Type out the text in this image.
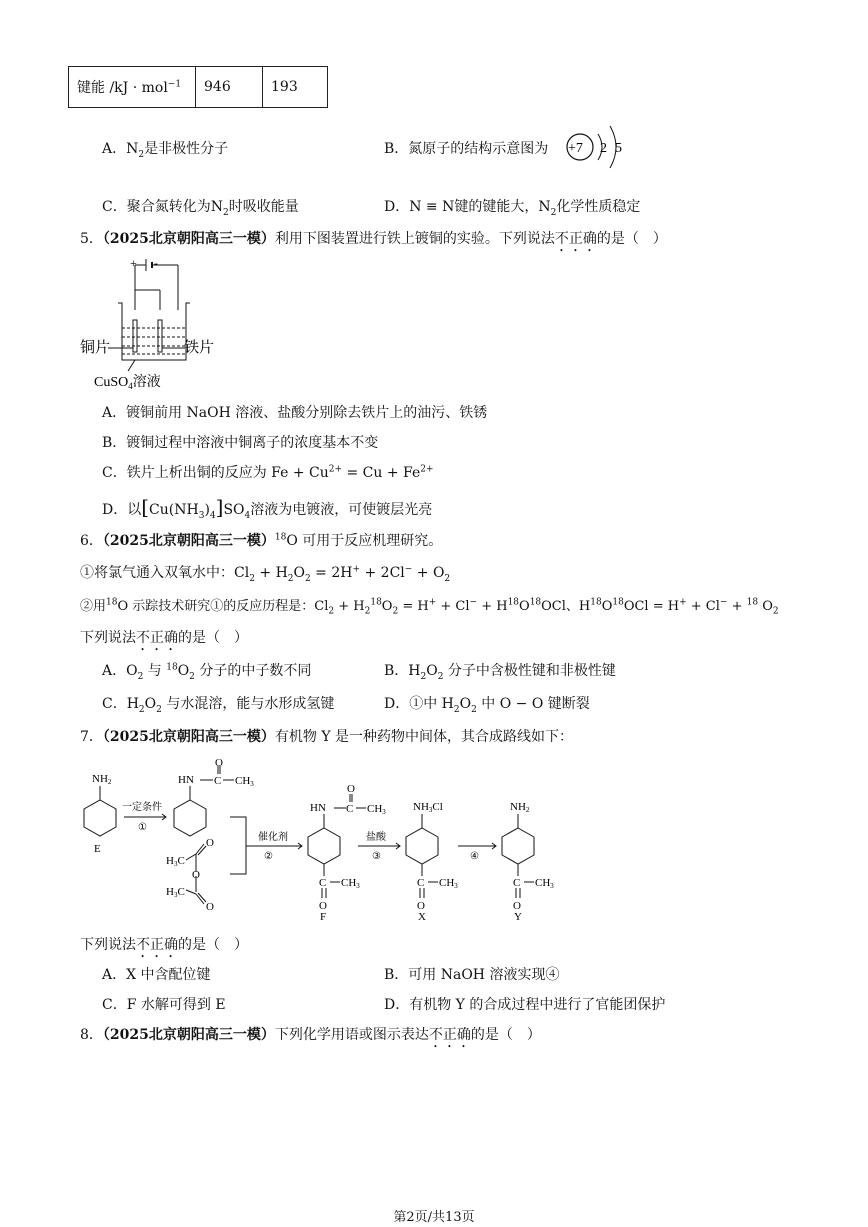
键能 /kJ · mol$^{-1}$	946	193
A．$N_2$是非极性分子	B．氮原子的结构示意图为 +7 2 5
C．聚合氮转化为$N_2$时吸收能量	D．N ≡ N键的键能大，$N_2$化学性质稳定
5．（2025北京朝阳高三一模）利用下图装置进行铁上镀铜的实验。下列说法不正确的是（　）
+ -
铜片	铁片
CuSO$_4$溶液
A．镀铜前用 NaOH 溶液、盐酸分别除去铁片上的油污、铁锈
B．镀铜过程中溶液中铜离子的浓度基本不变
C．铁片上析出铜的反应为 $Fe + Cu^{2+} = Cu + Fe^{2+}$
D．以$[Cu(NH_3)_4]SO_4$溶液为电镀液，可使镀层光亮
6．（2025北京朝阳高三一模）$^{18}$O 可用于反应机理研究。
①将氯气通入双氧水中：$Cl_2 + H_2O_2 = 2H^+ + 2Cl^- + O_2$
②用$^{18}$O 示踪技术研究①的反应历程是：$Cl_2 + H_2^{18}O_2 = H^+ + Cl^- + H^{18}O^{18}OCl$、$H^{18}O^{18}OCl = H^+ + Cl^- + ^{18}$ $O_2$
下列说法不正确的是（　）
A．$O_2$ 与 $^{18}O_2$ 分子的中子数不同	B．$H_2O_2$ 分子中含极性键和非极性键
C．$H_2O_2$ 与水混溶，能与水形成氢键	D．①中 $H_2O_2$ 中 O − O 键断裂
7．（2025北京朝阳高三一模）有机物 Y 是一种药物中间体，其合成路线如下：
NH2
E
一定条件
①
HN C
O
CH3
H3C
O
O
H3C
O
催化剂
②
HN C
O
CH3
C CH3
O
F
盐酸
③
NH3Cl
C CH3
O
X
④
NH2
C CH3
O
Y
下列说法不正确的是（　）
A．X 中含配位键	B．可用 NaOH 溶液实现④
C．F 水解可得到 E	D．有机物 Y 的合成过程中进行了官能团保护
8．（2025北京朝阳高三一模）下列化学用语或图示表达不正确的是（　）
第2页/共13页
